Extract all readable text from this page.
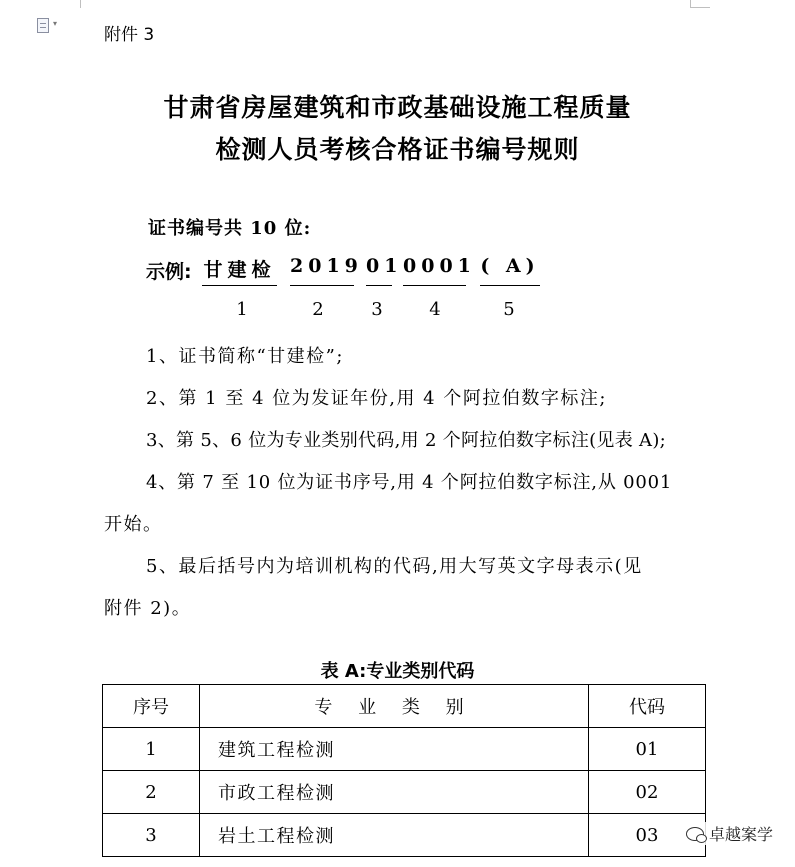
▾
附件 3
甘肃省房屋建筑和市政基础设施工程质量
检测人员考核合格证书编号规则
证书编号共 10 位:
示例: 甘建检 2019 01 0001 ( A)
1	2	3	4	5
1、证书简称“甘建检”;
2、第 1 至 4 位为发证年份,用 4 个阿拉伯数字标注;
3、第 5、6 位为专业类别代码,用 2 个阿拉伯数字标注(见表 A);
4、第 7 至 10 位为证书序号,用 4 个阿拉伯数字标注,从 0001
开始。
5、最后括号内为培训机构的代码,用大写英文字母表示(见
附件 2)。
表 A:专业类别代码
序号	专 业 类 别	代码
1	建筑工程检测	01
2	市政工程检测	02
3	岩土工程检测	03	卓越案学
